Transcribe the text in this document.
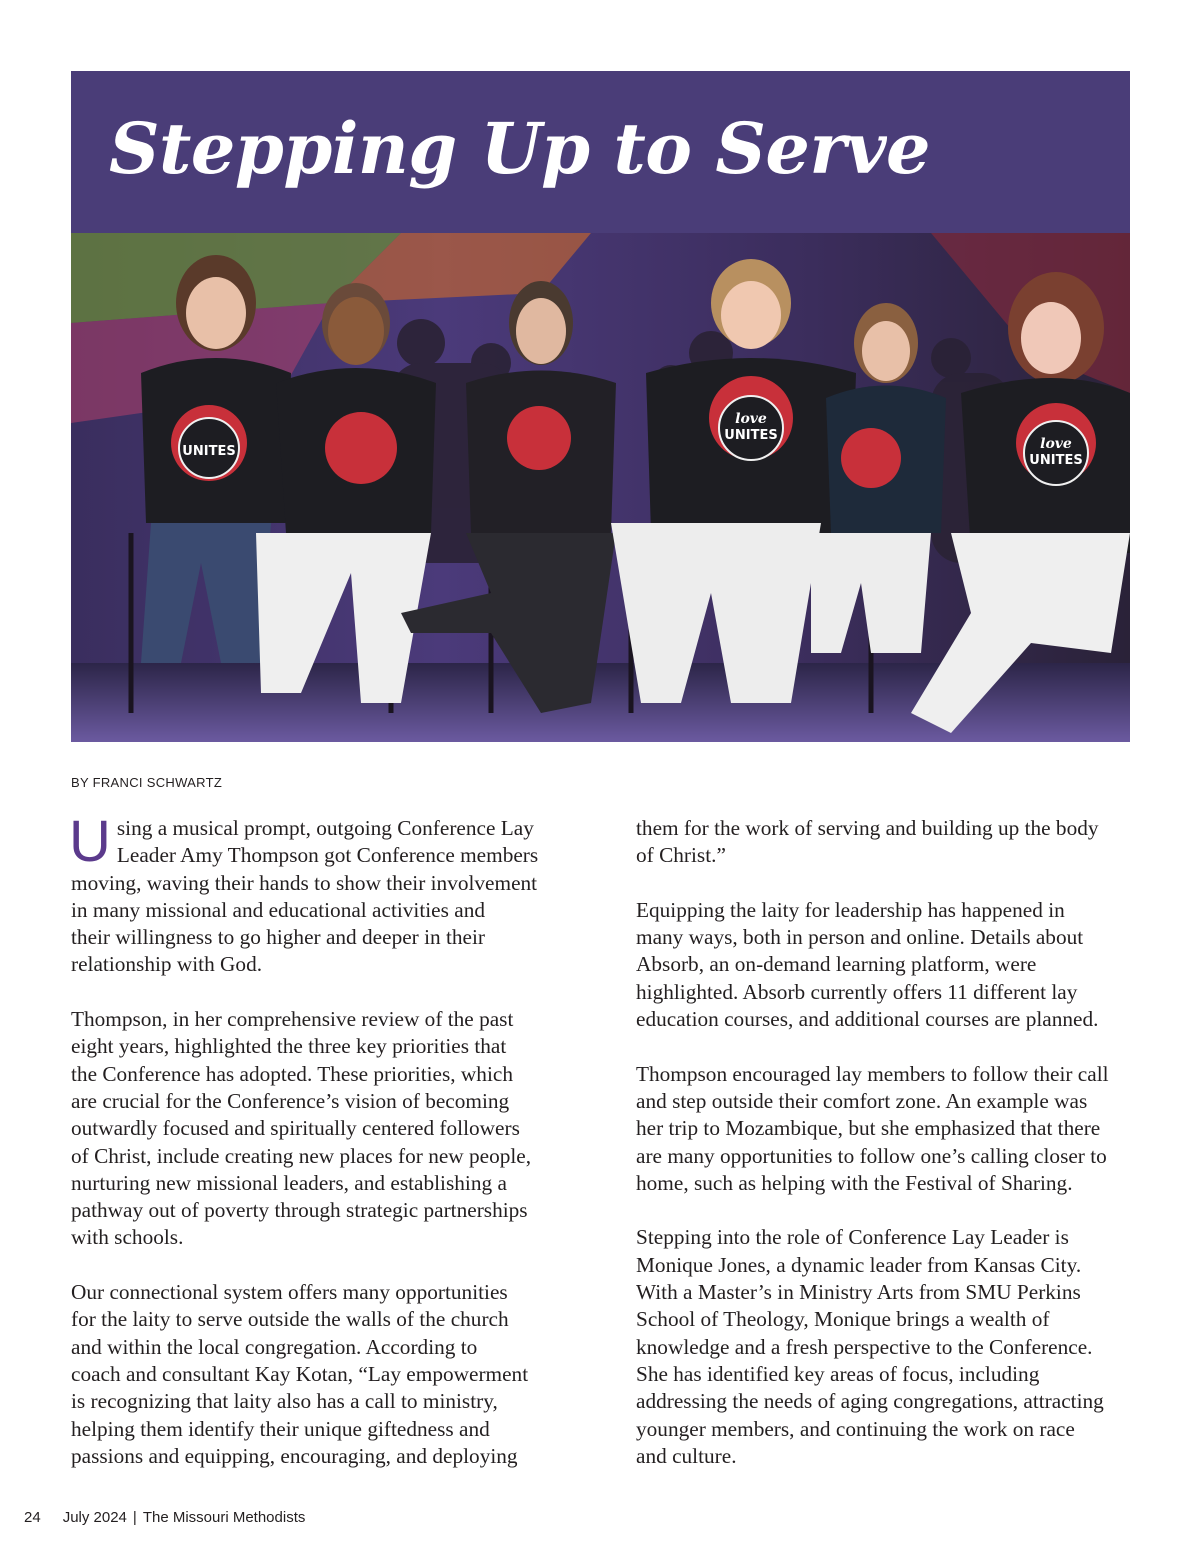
Stepping Up to Serve
UNITES
love
UNITES
love
UNITES
BY FRANCI SCHWARTZ

U sing a musical prompt, outgoing Conference Lay
Leader Amy Thompson got Conference members
moving, waving their hands to show their involvement
in many missional and educational activities and
their willingness to go higher and deeper in their
relationship with God.

Thompson, in her comprehensive review of the past
eight years, highlighted the three key priorities that
the Conference has adopted. These priorities, which
are crucial for the Conference’s vision of becoming
outwardly focused and spiritually centered followers
of Christ, include creating new places for new people,
nurturing new missional leaders, and establishing a
pathway out of poverty through strategic partnerships
with schools.

Our connectional system offers many opportunities
for the laity to serve outside the walls of the church
and within the local congregation. According to
coach and consultant Kay Kotan, “Lay empowerment
is recognizing that laity also has a call to ministry,
helping them identify their unique giftedness and
passions and equipping, encouraging, and deploying

them for the work of serving and building up the body
of Christ.”

Equipping the laity for leadership has happened in
many ways, both in person and online. Details about
Absorb, an on-demand learning platform, were
highlighted. Absorb currently offers 11 different lay
education courses, and additional courses are planned.

Thompson encouraged lay members to follow their call
and step outside their comfort zone. An example was
her trip to Mozambique, but she emphasized that there
are many opportunities to follow one’s calling closer to
home, such as helping with the Festival of Sharing.

Stepping into the role of Conference Lay Leader is
Monique Jones, a dynamic leader from Kansas City.
With a Master’s in Ministry Arts from SMU Perkins
School of Theology, Monique brings a wealth of
knowledge and a fresh perspective to the Conference.
She has identified key areas of focus, including
addressing the needs of aging congregations, attracting
younger members, and continuing the work on race
and culture.

24 July 2024 | The Missouri Methodists
